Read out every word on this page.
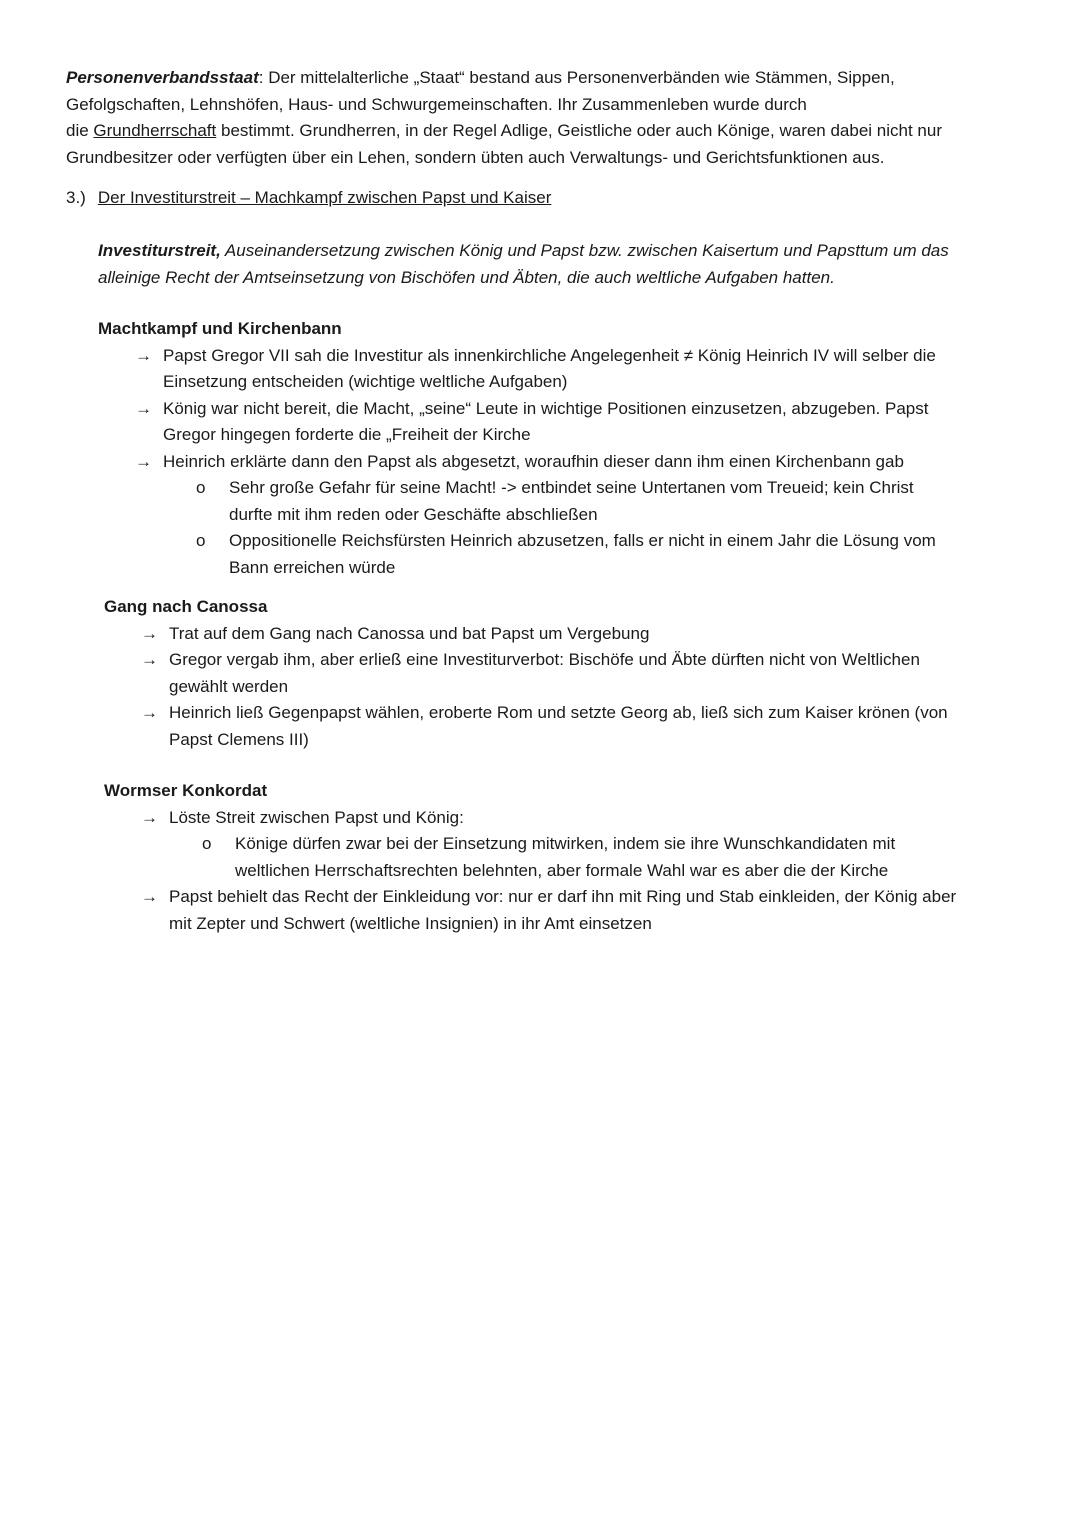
Personenverbandsstaat: Der mittelalterliche „Staat“ bestand aus Personenverbänden wie Stämmen, Sippen,

Gefolgschaften, Lehnshöfen, Haus- und Schwurgemeinschaften. Ihr Zusammenleben wurde durch

die Grundherrschaft bestimmt. Grundherren, in der Regel Adlige, Geistliche oder auch Könige, waren dabei nicht nur

Grundbesitzer oder verfügten über ein Lehen, sondern übten auch Verwaltungs- und Gerichtsfunktionen aus.

3.) Der Investiturstreit – Machkampf zwischen Papst und Kaiser

Investiturstreit, Auseinandersetzung zwischen König und Papst bzw. zwischen Kaisertum und Papsttum um das

alleinige Recht der Amtseinsetzung von Bischöfen und Äbten, die auch weltliche Aufgaben hatten.

Machtkampf und Kirchenbann

→ Papst Gregor VII sah die Investitur als innenkirchliche Angelegenheit ≠ König Heinrich IV will selber die

Einsetzung entscheiden (wichtige weltliche Aufgaben)

→ König war nicht bereit, die Macht, „seine“ Leute in wichtige Positionen einzusetzen, abzugeben. Papst

Gregor hingegen forderte die „Freiheit der Kirche

→ Heinrich erklärte dann den Papst als abgesetzt, woraufhin dieser dann ihm einen Kirchenbann gab

o Sehr große Gefahr für seine Macht! -> entbindet seine Untertanen vom Treueid; kein Christ

durfte mit ihm reden oder Geschäfte abschließen

o Oppositionelle Reichsfürsten Heinrich abzusetzen, falls er nicht in einem Jahr die Lösung vom

Bann erreichen würde

Gang nach Canossa

→ Trat auf dem Gang nach Canossa und bat Papst um Vergebung

→ Gregor vergab ihm, aber erließ eine Investiturverbot: Bischöfe und Äbte dürften nicht von Weltlichen

gewählt werden

→ Heinrich ließ Gegenpapst wählen, eroberte Rom und setzte Georg ab, ließ sich zum Kaiser krönen (von

Papst Clemens III)

Wormser Konkordat

→ Löste Streit zwischen Papst und König:

o Könige dürfen zwar bei der Einsetzung mitwirken, indem sie ihre Wunschkandidaten mit

weltlichen Herrschaftsrechten belehnten, aber formale Wahl war es aber die der Kirche

→ Papst behielt das Recht der Einkleidung vor: nur er darf ihn mit Ring und Stab einkleiden, der König aber

mit Zepter und Schwert (weltliche Insignien) in ihr Amt einsetzen
